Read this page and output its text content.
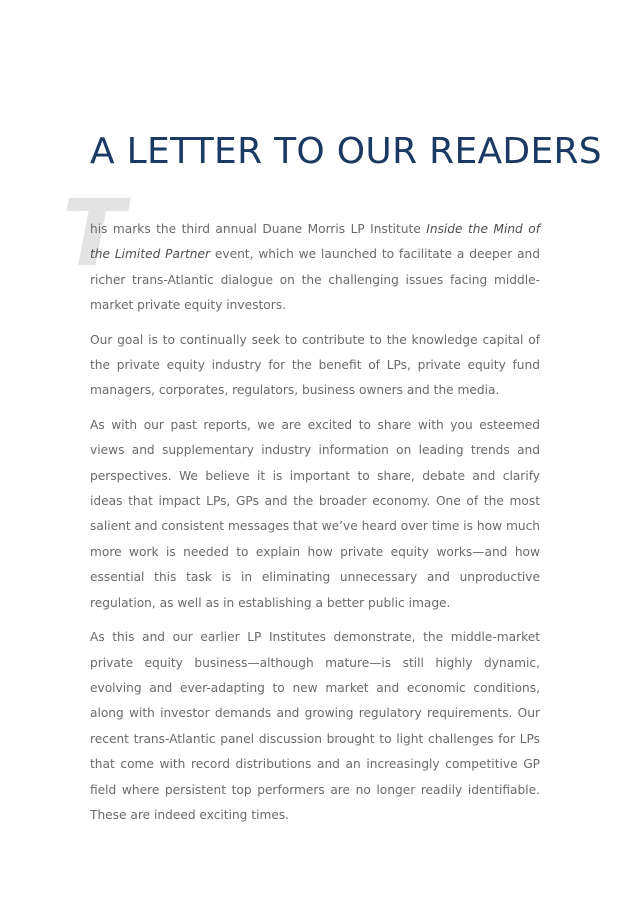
A LETTER TO OUR READERS
T

his marks the third annual Duane Morris LP Institute Inside the Mind of the Limited Partner event, which we launched to facilitate a deeper and richer trans-Atlantic dialogue on the challenging issues facing middle-market private equity investors.

Our goal is to continually seek to contribute to the knowledge capital of the private equity industry for the benefit of LPs, private equity fund managers, corporates, regulators, business owners and the media.

As with our past reports, we are excited to share with you esteemed views and supplementary industry information on leading trends and perspectives. We believe it is important to share, debate and clarify ideas that impact LPs, GPs and the broader economy. One of the most salient and consistent messages that we’ve heard over time is how much more work is needed to explain how private equity works—and how essential this task is in eliminating unnecessary and unproductive regulation, as well as in establishing a better public image.

As this and our earlier LP Institutes demonstrate, the middle-market private equity business—although mature—is still highly dynamic, evolving and ever-adapting to new market and economic conditions, along with investor demands and growing regulatory requirements. Our recent trans-Atlantic panel discussion brought to light challenges for LPs that come with record distributions and an increasingly competitive GP field where persistent top performers are no longer readily identifiable. These are indeed exciting times.
